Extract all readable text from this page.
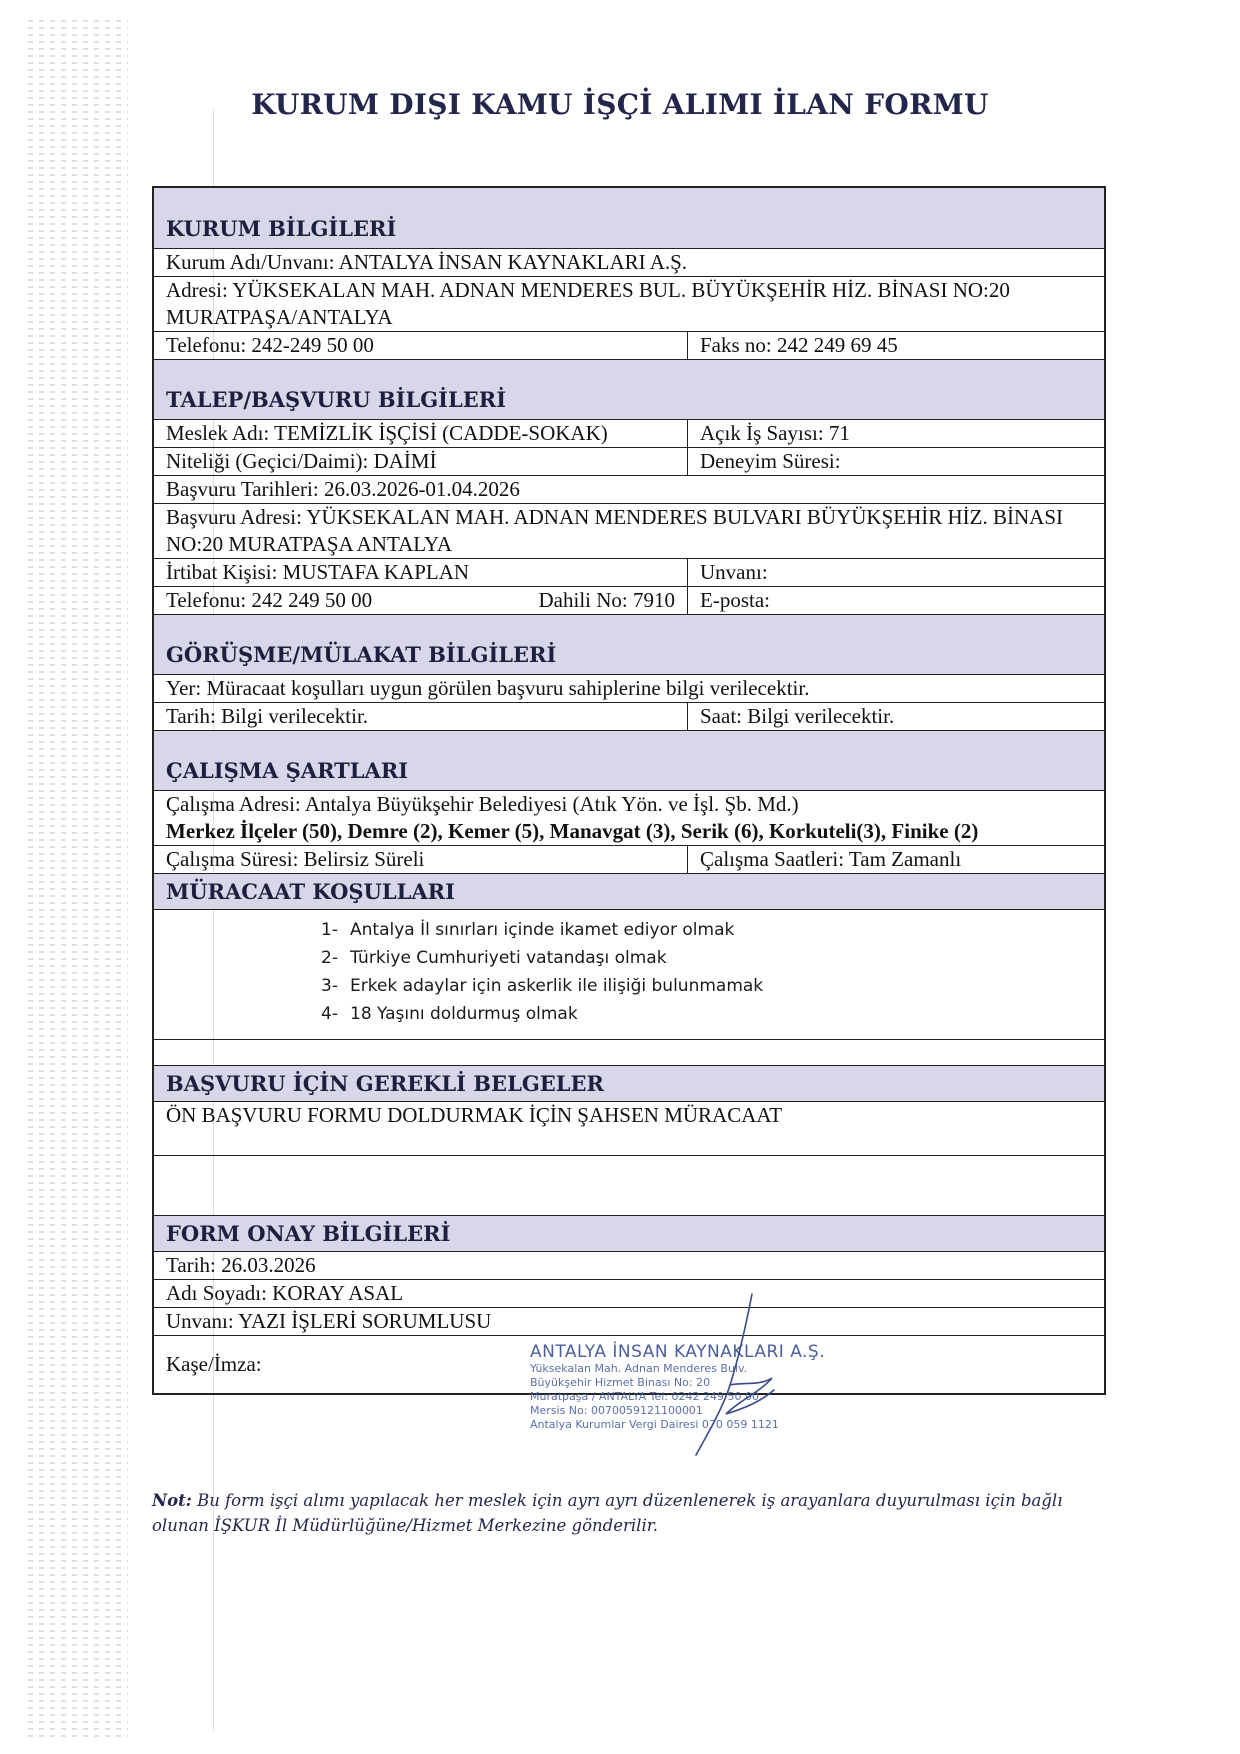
KURUM DIŞI KAMU İŞÇİ ALIMI İLAN FORMU
KURUM BİLGİLERİ
Kurum Adı/Unvanı: ANTALYA İNSAN KAYNAKLARI A.Ş.
Adresi: YÜKSEKALAN MAH. ADNAN MENDERES BUL. BÜYÜKŞEHİR HİZ. BİNASI NO:20 MURATPAŞA/ANTALYA
Telefonu: 242-249 50 00	Faks no: 242 249 69 45
TALEP/BAŞVURU BİLGİLERİ
Meslek Adı: TEMİZLİK İŞÇİSİ (CADDE-SOKAK)	Açık İş Sayısı: 71
Niteliği (Geçici/Daimi): DAİMİ	Deneyim Süresi:
Başvuru Tarihleri: 26.03.2026-01.04.2026
Başvuru Adresi: YÜKSEKALAN MAH. ADNAN MENDERES BULVARI BÜYÜKŞEHİR HİZ. BİNASI NO:20 MURATPAŞA ANTALYA
İrtibat Kişisi: MUSTAFA KAPLAN	Unvanı:
Telefonu: 242 249 50 00	Dahili No: 7910	E-posta:
GÖRÜŞME/MÜLAKAT BİLGİLERİ
Yer: Müracaat koşulları uygun görülen başvuru sahiplerine bilgi verilecektir.
Tarih: Bilgi verilecektir.	Saat: Bilgi verilecektir.
ÇALIŞMA ŞARTLARI
Çalışma Adresi: Antalya Büyükşehir Belediyesi (Atık Yön. ve İşl. Şb. Md.)
Merkez İlçeler (50), Demre (2), Kemer (5), Manavgat (3), Serik (6), Korkuteli(3), Finike (2)
Çalışma Süresi: Belirsiz Süreli	Çalışma Saatleri: Tam Zamanlı
MÜRACAAT KOŞULLARI
1- Antalya İl sınırları içinde ikamet ediyor olmak
2- Türkiye Cumhuriyeti vatandaşı olmak
3- Erkek adaylar için askerlik ile ilişiği bulunmamak
4- 18 Yaşını doldurmuş olmak
BAŞVURU İÇİN GEREKLİ BELGELER
ÖN BAŞVURU FORMU DOLDURMAK İÇİN ŞAHSEN MÜRACAAT
FORM ONAY BİLGİLERİ
Tarih: 26.03.2026
Adı Soyadı: KORAY ASAL
Unvanı: YAZI İŞLERİ SORUMLUSU
Kaşe/İmza:	ANTALYA İNSAN KAYNAKLARI A.Ş.
Yüksekalan Mah. Adnan Menderes Bulv.
Büyükşehir Hizmet Binası No: 20
Muratpaşa / ANTALYA Tel: 0242 249 50 00
Mersis No: 0070059121100001
Antalya Kurumlar Vergi Dairesi 070 059 1121
Not: Bu form işçi alımı yapılacak her meslek için ayrı ayrı düzenlenerek iş arayanlara duyurulması için bağlı olunan İŞKUR İl Müdürlüğüne/Hizmet Merkezine gönderilir.
